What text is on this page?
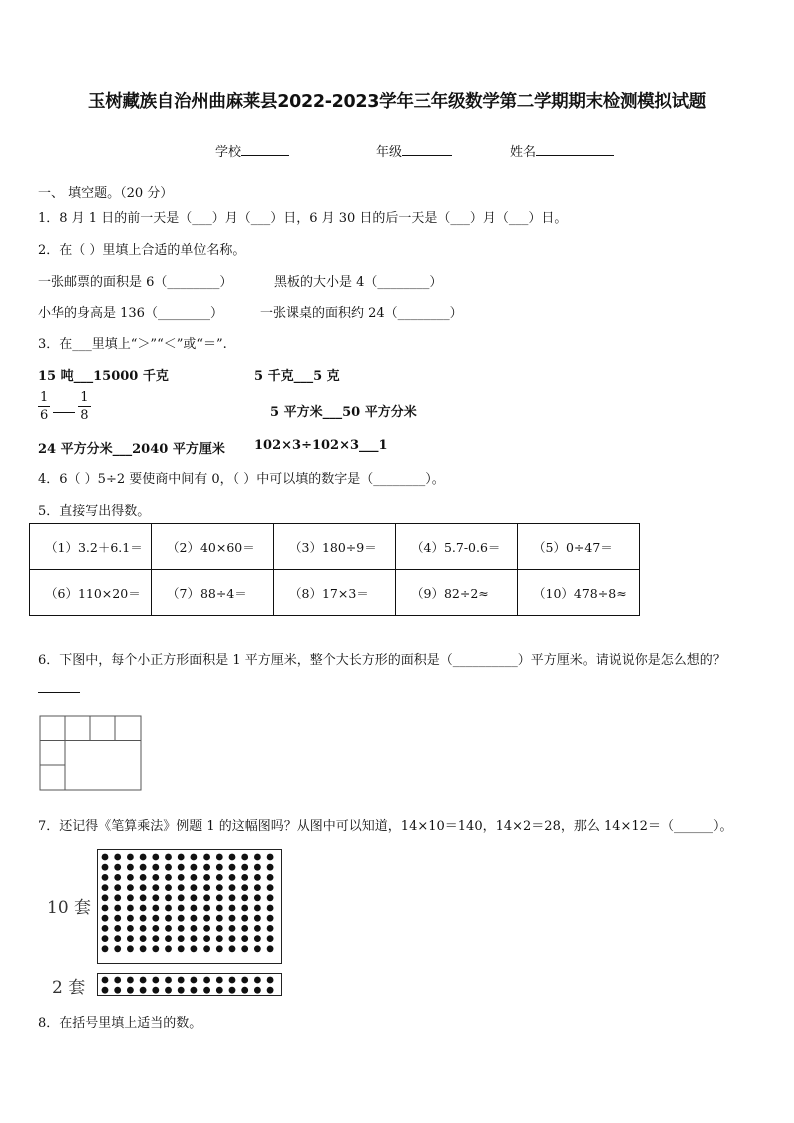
玉树藏族自治州曲麻莱县2022-2023学年三年级数学第二学期期末检测模拟试题
学校	年级	姓名
一、 填空题。（20 分）
1．8 月 1 日的前一天是（___）月（___）日，6 月 30 日的后一天是（___）月（___）日。
2．在（ ）里填上合适的单位名称。
一张邮票的面积是 6（________）	黑板的大小是 4（________）
小华的身高是 136（________）	一张课桌的面积约 24（________）
3．在___里填上“＞”“＜”或“＝”.
15 吨___15000 千克	5 千克___5 克
$\frac{1}{6} \frac{1}{8}$	5 平方米___50 平方分米
24 平方分米___2040 平方厘米 102×3÷102×3___1
4．6（ ）5÷2 要使商中间有 0，（ ）中可以填的数字是（________）。
5．直接写出得数。
（1）3.2＋6.1＝	（2）40×60＝	（3）180÷9＝	（4）5.7-0.6＝	（5）0÷47＝
（6）110×20＝	（7）88÷4＝	（8）17×3＝	（9）82÷2≈	（10）478÷8≈
6．下图中，每个小正方形面积是 1 平方厘米，整个大长方形的面积是（__________）平方厘米。请说说你是怎么想的？
7．还记得《笔算乘法》例题 1 的这幅图吗？从图中可以知道，14×10＝140，14×2＝28，那么 14×12＝（______）。
10 套
2 套
8．在括号里填上适当的数。
